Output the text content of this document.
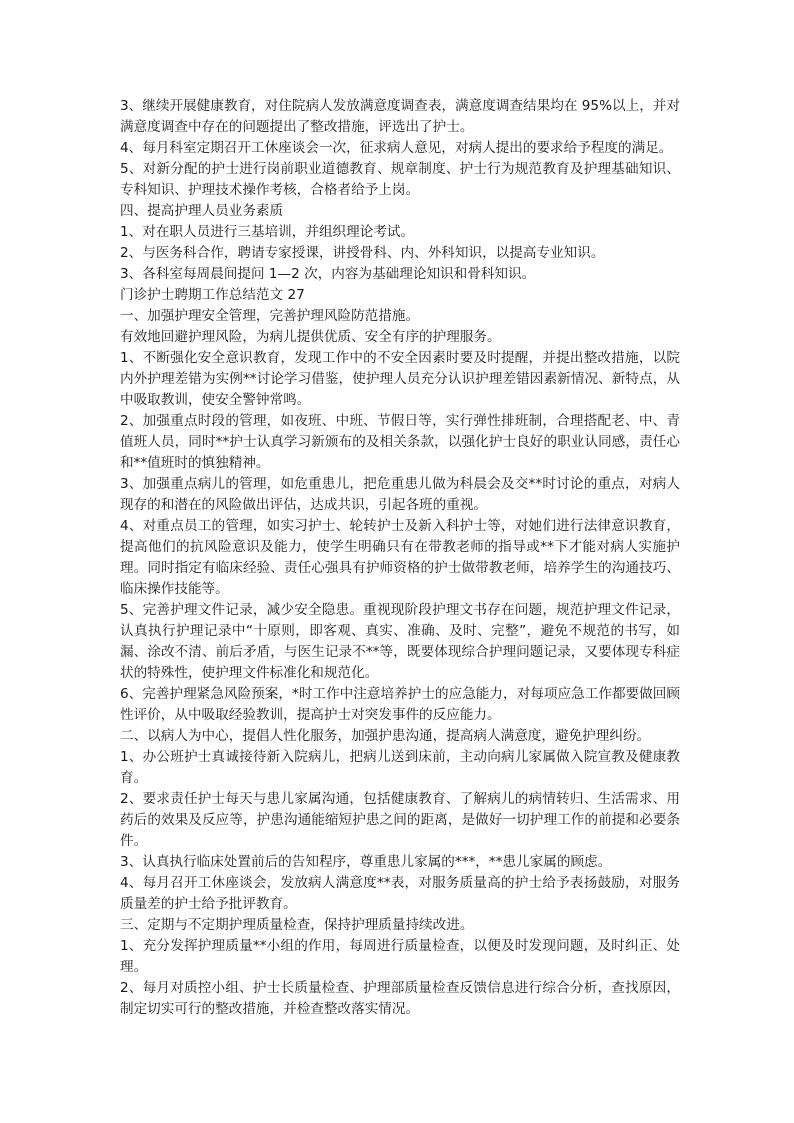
3、继续开展健康教育，对住院病人发放满意度调查表，满意度调查结果均在 95%以上，并对满意度调查中存在的问题提出了整改措施，评选出了护士。

4、每月科室定期召开工休座谈会一次，征求病人意见，对病人提出的要求给予程度的满足。

5、对新分配的护士进行岗前职业道德教育、规章制度、护士行为规范教育及护理基础知识、专科知识、护理技术操作考核，合格者给予上岗。

四、提高护理人员业务素质

1、对在职人员进行三基培训，并组织理论考试。

2、与医务科合作，聘请专家授课，讲授骨科、内、外科知识，以提高专业知识。

3、各科室每周晨间提问 1—2 次，内容为基础理论知识和骨科知识。

门诊护士聘期工作总结范文 27

一、加强护理安全管理，完善护理风险防范措施。

有效地回避护理风险，为病儿提供优质、安全有序的护理服务。

1、不断强化安全意识教育，发现工作中的不安全因素时要及时提醒，并提出整改措施，以院内外护理差错为实例**讨论学习借鉴，使护理人员充分认识护理差错因素新情况、新特点，从中吸取教训，使安全警钟常鸣。

2、加强重点时段的管理，如夜班、中班、节假日等，实行弹性排班制，合理搭配老、中、青值班人员，同时**护士认真学习新颁布的及相关条款，以强化护士良好的职业认同感，责任心和**值班时的慎独精神。

3、加强重点病儿的管理，如危重患儿，把危重患儿做为科晨会及交**时讨论的重点，对病人现存的和潜在的风险做出评估，达成共识，引起各班的重视。

4、对重点员工的管理，如实习护士、轮转护士及新入科护士等，对她们进行法律意识教育，提高他们的抗风险意识及能力，使学生明确只有在带教老师的指导或**下才能对病人实施护理。同时指定有临床经验、责任心强具有护师资格的护士做带教老师，培养学生的沟通技巧、临床操作技能等。

5、完善护理文件记录，减少安全隐患。重视现阶段护理文书存在问题，规范护理文件记录，认真执行护理记录中“十原则，即客观、真实、准确、及时、完整”，避免不规范的书写，如漏、涂改不清、前后矛盾，与医生记录不**等，既要体现综合护理问题记录，又要体现专科症状的特殊性，使护理文件标准化和规范化。

6、完善护理紧急风险预案，*时工作中注意培养护士的应急能力，对每项应急工作都要做回顾性评价，从中吸取经验教训，提高护士对突发事件的反应能力。

二、以病人为中心，提倡人性化服务，加强护患沟通，提高病人满意度，避免护理纠纷。

1、办公班护士真诚接待新入院病儿，把病儿送到床前，主动向病儿家属做入院宣教及健康教育。

2、要求责任护士每天与患儿家属沟通，包括健康教育、了解病儿的病情转归、生活需求、用药后的效果及反应等，护患沟通能缩短护患之间的距离，是做好一切护理工作的前提和必要条件。

3、认真执行临床处置前后的告知程序，尊重患儿家属的***，**患儿家属的顾虑。

4、每月召开工休座谈会，发放病人满意度**表，对服务质量高的护士给予表扬鼓励，对服务质量差的护士给予批评教育。

三、定期与不定期护理质量检查，保持护理质量持续改进。

1、充分发挥护理质量**小组的作用，每周进行质量检查，以便及时发现问题，及时纠正、处理。

2、每月对质控小组、护士长质量检查、护理部质量检查反馈信息进行综合分析，查找原因，制定切实可行的整改措施，并检查整改落实情况。
